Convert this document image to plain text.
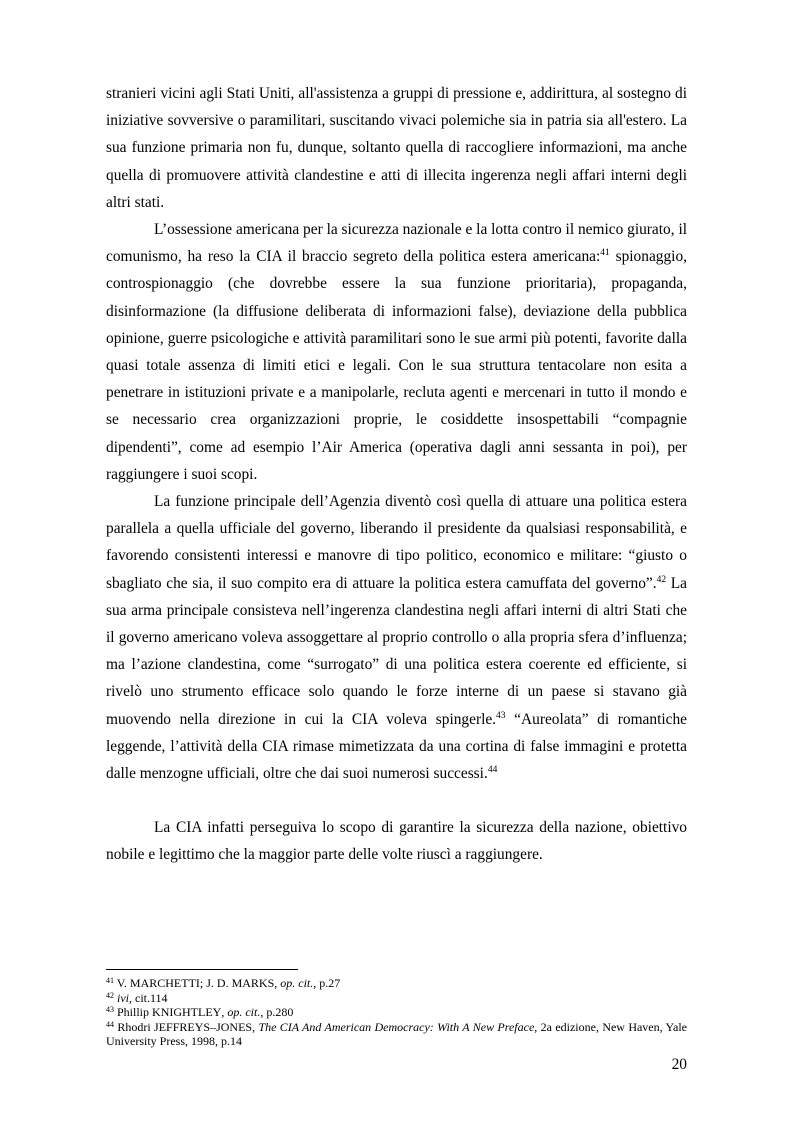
stranieri vicini agli Stati Uniti, all'assistenza a gruppi di pressione e, addirittura, al sostegno di iniziative sovversive o paramilitari, suscitando vivaci polemiche sia in patria sia all'estero. La sua funzione primaria non fu, dunque, soltanto quella di raccogliere informazioni, ma anche quella di promuovere attività clandestine e atti di illecita ingerenza negli affari interni degli altri stati.

L’ossessione americana per la sicurezza nazionale e la lotta contro il nemico giurato, il comunismo, ha reso la CIA il braccio segreto della politica estera americana:$^{41}$ spionaggio, controspionaggio (che dovrebbe essere la sua funzione prioritaria), propaganda, disinformazione (la diffusione deliberata di informazioni false), deviazione della pubblica opinione, guerre psicologiche e attività paramilitari sono le sue armi più potenti, favorite dalla quasi totale assenza di limiti etici e legali. Con le sua struttura tentacolare non esita a penetrare in istituzioni private e a manipolarle, recluta agenti e mercenari in tutto il mondo e se necessario crea organizzazioni proprie, le cosiddette insospettabili “compagnie dipendenti”, come ad esempio l’Air America (operativa dagli anni sessanta in poi), per raggiungere i suoi scopi.

La funzione principale dell’Agenzia diventò così quella di attuare una politica estera parallela a quella ufficiale del governo, liberando il presidente da qualsiasi responsabilità, e favorendo consistenti interessi e manovre di tipo politico, economico e militare: “giusto o sbagliato che sia, il suo compito era di attuare la politica estera camuffata del governo”.$^{42}$ La sua arma principale consisteva nell’ingerenza clandestina negli affari interni di altri Stati che il governo americano voleva assoggettare al proprio controllo o alla propria sfera d’influenza; ma l’azione clandestina, come “surrogato” di una politica estera coerente ed efficiente, si rivelò uno strumento efficace solo quando le forze interne di un paese si stavano già muovendo nella direzione in cui la CIA voleva spingerle.$^{43}$ “Aureolata” di romantiche leggende, l’attività della CIA rimase mimetizzata da una cortina di false immagini e protetta dalle menzogne ufficiali, oltre che dai suoi numerosi successi.$^{44}$

La CIA infatti perseguiva lo scopo di garantire la sicurezza della nazione, obiettivo nobile e legittimo che la maggior parte delle volte riuscì a raggiungere.

$^{41}$ V. MARCHETTI; J. D. MARKS, op. cit., p.27

$^{42}$ ivi, cit.114

$^{43}$ Phillip KNIGHTLEY, op. cit., p.280

$^{44}$ Rhodri JEFFREYS–JONES, The CIA And American Democracy: With A New Preface, 2a edizione, New Haven, Yale University Press, 1998, p.14

20
